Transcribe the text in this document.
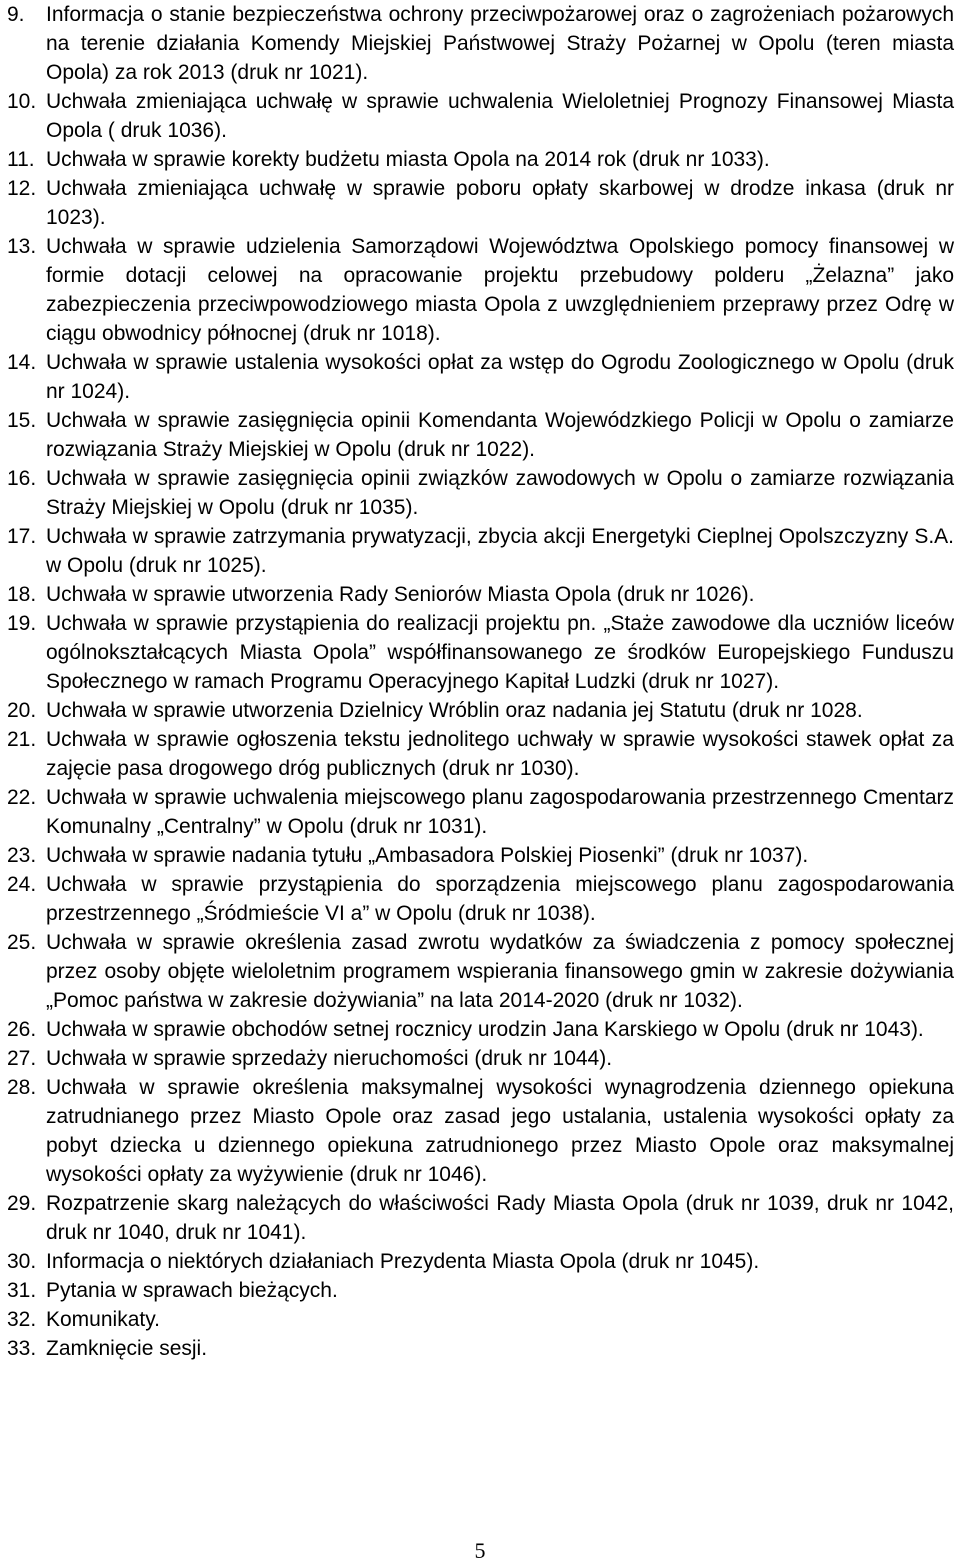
9. Informacja o stanie bezpieczeństwa ochrony przeciwpożarowej oraz o zagrożeniach pożarowych na terenie działania Komendy Miejskiej Państwowej Straży Pożarnej w Opolu (teren miasta Opola) za rok 2013 (druk nr 1021).
10. Uchwała zmieniająca uchwałę w sprawie uchwalenia Wieloletniej Prognozy Finansowej Miasta Opola ( druk 1036).
11. Uchwała w sprawie korekty budżetu miasta Opola na 2014 rok (druk nr 1033).
12. Uchwała zmieniająca uchwałę w sprawie poboru opłaty skarbowej w drodze inkasa (druk nr 1023).
13. Uchwała w sprawie udzielenia Samorządowi Województwa Opolskiego pomocy finansowej w formie dotacji celowej na opracowanie projektu przebudowy polderu „Żelazna” jako zabezpieczenia przeciwpowodziowego miasta Opola z uwzględnieniem przeprawy przez Odrę w ciągu obwodnicy północnej (druk nr 1018).
14. Uchwała w sprawie ustalenia wysokości opłat za wstęp do Ogrodu Zoologicznego w Opolu (druk nr 1024).
15. Uchwała w sprawie zasięgnięcia opinii Komendanta Wojewódzkiego Policji w Opolu o zamiarze rozwiązania Straży Miejskiej w Opolu (druk nr 1022).
16. Uchwała w sprawie zasięgnięcia opinii związków zawodowych w Opolu o zamiarze rozwiązania Straży Miejskiej w Opolu (druk nr 1035).
17. Uchwała w sprawie zatrzymania prywatyzacji, zbycia akcji Energetyki Cieplnej Opolszczyzny S.A. w Opolu (druk nr 1025).
18. Uchwała w sprawie utworzenia Rady Seniorów Miasta Opola (druk nr 1026).
19. Uchwała w sprawie przystąpienia do realizacji projektu pn. „Staże zawodowe dla uczniów liceów ogólnokształcących Miasta Opola” współfinansowanego ze środków Europejskiego Funduszu Społecznego w ramach Programu Operacyjnego Kapitał Ludzki (druk nr 1027).
20. Uchwała w sprawie utworzenia Dzielnicy Wróblin oraz nadania jej Statutu (druk nr 1028.
21. Uchwała w sprawie ogłoszenia tekstu jednolitego uchwały w sprawie wysokości stawek opłat za zajęcie pasa drogowego dróg publicznych (druk nr 1030).
22. Uchwała w sprawie uchwalenia miejscowego planu zagospodarowania przestrzennego Cmentarz Komunalny „Centralny” w Opolu (druk nr 1031).
23. Uchwała w sprawie nadania tytułu „Ambasadora Polskiej Piosenki” (druk nr 1037).
24. Uchwała w sprawie przystąpienia do sporządzenia miejscowego planu zagospodarowania przestrzennego „Śródmieście VI a” w Opolu (druk nr 1038).
25. Uchwała w sprawie określenia zasad zwrotu wydatków za świadczenia z pomocy społecznej przez osoby objęte wieloletnim programem wspierania finansowego gmin w zakresie dożywiania „Pomoc państwa w zakresie dożywiania” na lata 2014-2020 (druk nr 1032).
26. Uchwała w sprawie obchodów setnej rocznicy urodzin Jana Karskiego w Opolu (druk nr 1043).
27. Uchwała w sprawie sprzedaży nieruchomości (druk nr 1044).
28. Uchwała w sprawie określenia maksymalnej wysokości wynagrodzenia dziennego opiekuna zatrudnianego przez Miasto Opole oraz zasad jego ustalania, ustalenia wysokości opłaty za pobyt dziecka u dziennego opiekuna zatrudnionego przez Miasto Opole oraz maksymalnej wysokości opłaty za wyżywienie (druk nr 1046).
29. Rozpatrzenie skarg należących do właściwości Rady Miasta Opola (druk nr 1039, druk nr 1042, druk nr 1040, druk nr 1041).
30. Informacja o niektórych działaniach Prezydenta Miasta Opola (druk nr 1045).
31. Pytania w sprawach bieżących.
32. Komunikaty.
33. Zamknięcie sesji.
5
